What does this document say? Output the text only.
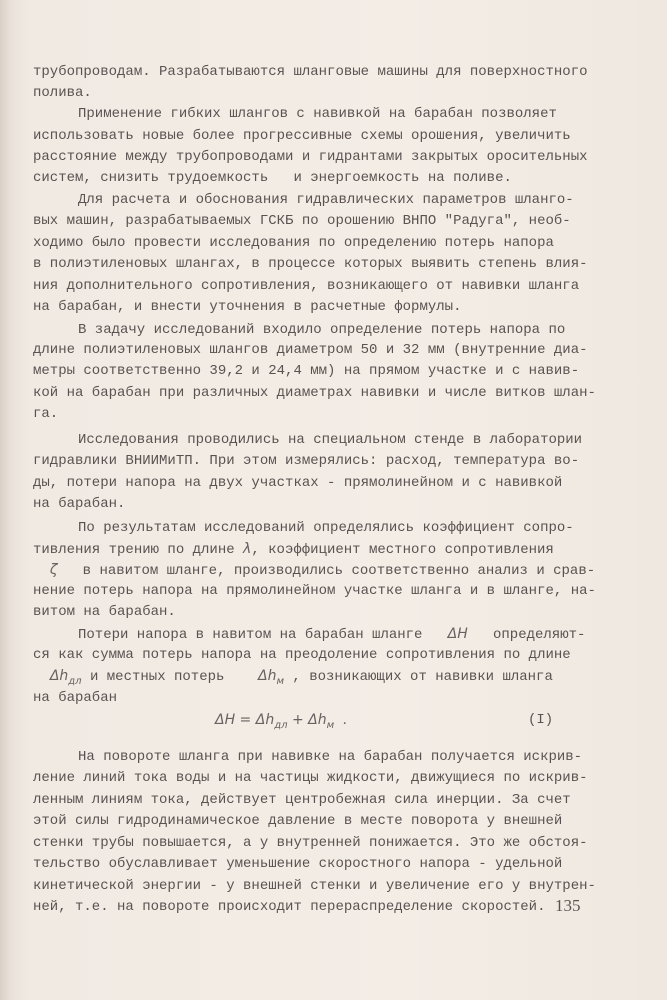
(I)
135
трубопроводам. Разрабатываются шланговые машины для поверхностного
полива.
Применение гибких шлангов с навивкой на барабан позволяет
использовать новые более прогрессивные схемы орошения, увеличить
расстояние между трубопроводами и гидрантами закрытых оросительных
систем, снизить трудоемкость   и энергоемкость на поливе.
Для расчета и обоснования гидравлических параметров шланго-
вых машин, разрабатываемых ГСКБ по орошению ВНПО "Радуга", необ-
ходимо было провести исследования по определению потерь напора
в полиэтиленовых шлангах, в процессе которых выявить степень влия-
ния дополнительного сопротивления, возникающего от навивки шланга
на барабан, и внести уточнения в расчетные формулы.
В задачу исследований входило определение потерь напора по
длине полиэтиленовых шлангов диаметром 50 и 32 мм (внутренние диа-
метры соответственно 39,2 и 24,4 мм) на прямом участке и с навив-
кой на барабан при различных диаметрах навивки и числе витков шлан-
га.
Исследования проводились на специальном стенде в лаборатории
гидравлики ВНИИМиТП. При этом измерялись: расход, температура во-
ды, потери напора на двух участках - прямолинейном и с навивкой
на барабан.
По результатам исследований определялись коэффициент сопро-
тивления трению по длине λ, коэффициент местного сопротивления
ζ   в навитом шланге, производились соответственно анализ и срав-
нение потерь напора на прямолинейном участке шланга и в шланге, на-
витом на барабан.
Потери напора в навитом на барабан шланге   ΔH   определяют-
ся как сумма потерь напора на преодоление сопротивления по длине
$\Delta h_{дл}$ и местных потерь    $\Delta h_м$ , возникающих от навивки шланга
на барабан
На повороте шланга при навивке на барабан получается искрив-
ление линий тока воды и на частицы жидкости, движущиеся по искрив-
ленным линиям тока, действует центробежная сила инерции. За счет
этой силы гидродинамическое давление в месте поворота у внешней
стенки трубы повышается, а у внутренней понижается. Это же обстоя-
тельство обуславливает уменьшение скоростного напора - удельной
кинетической энергии - у внешней стенки и увеличение его у внутрен-
ней, т.е. на повороте происходит перераспределение скоростей.
$\Delta H = \Delta h_{дл} + \Delta h_м$  .
